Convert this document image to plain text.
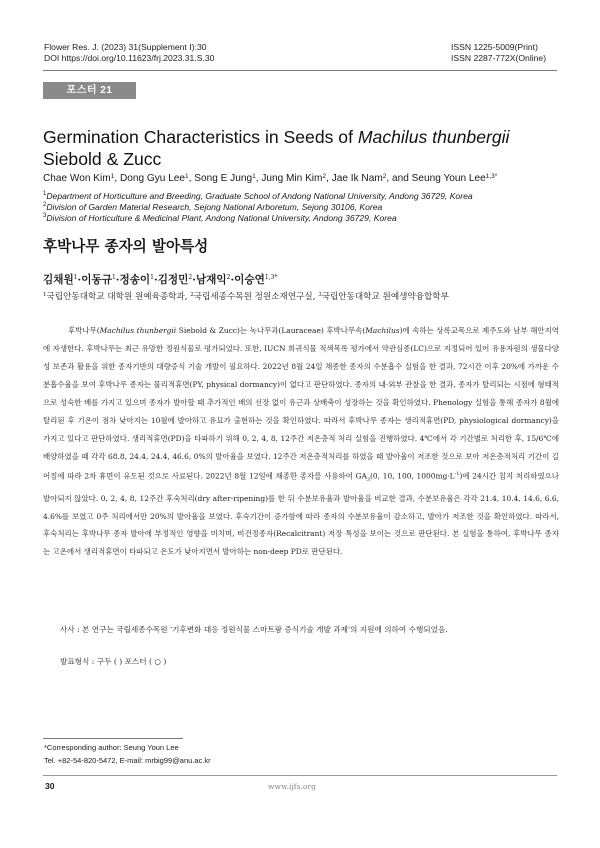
Flower Res. J. (2023) 31(Supplement Ⅰ):30
DOI https://doi.org/10.11623/frj.2023.31.S.30
ISSN 1225-5009(Print)
ISSN 2287-772X(Online)
포스터 21
Germination Characteristics in Seeds of Machilus thunbergii Siebold & Zucc
Chae Won Kim$^1$, Dong Gyu Lee$^1$, Song E Jung$^1$, Jung Min Kim$^2$, Jae Ik Nam$^2$, and Seung Youn Lee$^{1,3*}$
$^1$Department of Horticulture and Breeding, Graduate School of Andong National University, Andong 36729, Korea
$^2$Division of Garden Material Research, Sejong National Arboretum, Sejong 30106, Korea
$^3$Division of Horticulture & Medicinal Plant, Andong National University, Andong 36729, Korea
후박나무 종자의 발아특성
김채원$^1$·이동규$^1$·정송이$^1$·김정민$^2$·남재익$^2$·이승연$^{1,3*}$
$^1$국립안동대학교 대학원 원예육종학과, $^2$국립세종수목원 정원소재연구실, $^3$국립안동대학교 원예생약융합학부

후박나무(Machilus thunbergii Siebold & Zucc)는 녹나무과(Lauraceae) 후박나무속(Machilus)에 속하는 상록교목으로 제주도와 남부 해안지역에 자생한다. 후박나무는 최근 유망한 정원식물로 평가되었다. 또한, IUCN 희귀식물 적색목록 평가에서 약관심종(LC)으로 지정되어 있어 유용자원의 생물다양성 보존과 활용을 위한 종자기반의 대량증식 기술 개발이 필요하다. 2022년 8월 24일 채종한 종자의 수분흡수 실험을 한 결과, 72시간 이후 20%에 가까운 수분흡수율을 보여 후박나무 종자는 물리적휴면(PY, physical dormancy)이 없다고 판단하였다. 종자의 내·외부 관찰을 한 결과, 종자가 탈리되는 시점에 형태적으로 성숙한 배를 가지고 있으며 종자가 발아할 때 추가적인 배의 신장 없이 유근과 상배축이 성장하는 것을 확인하였다. Phenology 실험을 통해 종자가 8월에 탈리된 후 기온이 점차 낮아지는 10월에 발아하고 유묘가 출현하는 것을 확인하였다. 따라서 후박나무 종자는 생리적휴면(PD, physiological dormancy)을 가지고 있다고 판단하였다. 생리적휴면(PD)을 타파하기 위해 0, 2, 4, 8, 12주간 저온층적 처리 실험을 진행하였다. 4℃에서 각 기간별로 처리한 후, 15/6℃에 배양하였을 때 각각 68.8, 24.4, 24.4, 46.6, 0%의 발아율을 보였다. 12주간 저온층적처리를 하였을 때 발아율이 저조한 것으로 보아 저온층적처리 기간이 길어짐에 따라 2차 휴면이 유도된 것으로 사료된다. 2022년 8월 12일에 채종한 종자를 사용하여 $GA_3(0$, 10, 100, $1000mg\cdot L^{-1}$)에 24시간 침지 처리하였으나 발아되지 않았다. 0, 2, 4, 8, 12주간 후숙처리(dry after-ripening)를 한 뒤 수분보유율과 발아율을 비교한 결과, 수분보유율은 각각 21.4, 10.4, 14.6, 6.6, 4.6%를 보였고 0주 처리에서만 20%의 발아율을 보였다. 후숙기간이 증가함에 따라 종자의 수분보유율이 감소하고, 발아가 저조한 것을 확인하였다. 따라서, 후숙처리는 후박나무 종자 발아에 부정적인 영향을 미치며, 비건정종자(Recalcitrant) 저장 특성을 보이는 것으로 판단된다. 본 실험을 통하여, 후박나무 종자는 고온에서 생리적휴면이 타파되고 온도가 낮아지면서 발아하는 non-deep PD로 판단된다.

사사 : 본 연구는 국립세종수목원 '기후변화 대응 정원식물 스마트팜 증식기술 개발 과제'의 지원에 의하여 수행되었음.
발표형식 : 구두 ( ) 포스터 ( ○ )
*Corresponding author: Seung Youn Lee
Tel. +82-54-820-5472, E-mail: mrbig99@anu.ac.kr
30	www.ijfs.org
